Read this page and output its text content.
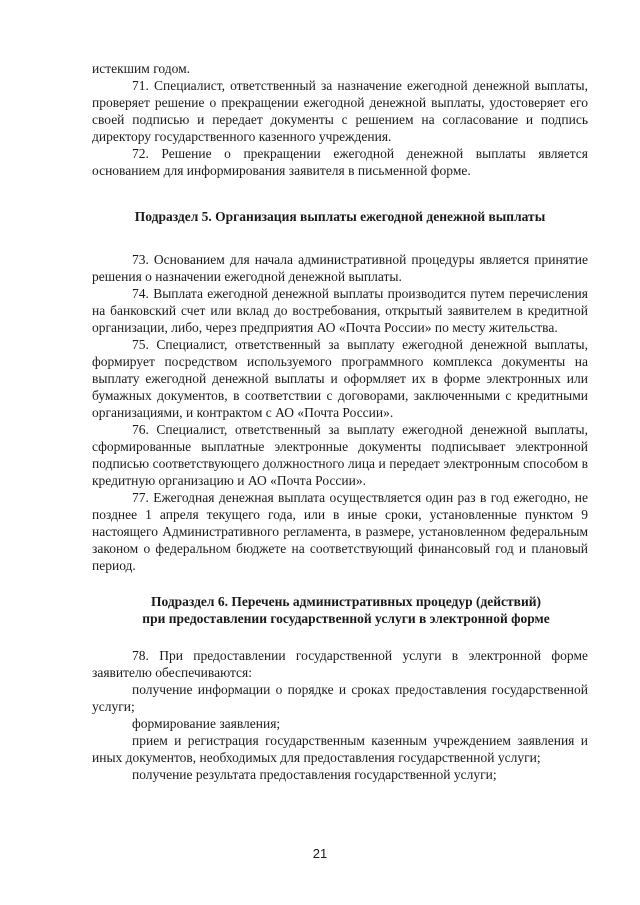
истекшим годом.

71. Специалист, ответственный за назначение ежегодной денежной выплаты, проверяет решение о прекращении ежегодной денежной выплаты, удостоверяет его своей подписью и передает документы с решением на согласование и подпись директору государственного казенного учреждения.

72. Решение о прекращении ежегодной денежной выплаты является основанием для информирования заявителя в письменной форме.

Подраздел 5. Организация выплаты ежегодной денежной выплаты

73. Основанием для начала административной процедуры является принятие решения о назначении ежегодной денежной выплаты.

74. Выплата ежегодной денежной выплаты производится путем перечисления на банковский счет или вклад до востребования, открытый заявителем в кредитной организации, либо, через предприятия АО «Почта России» по месту жительства.

75. Специалист, ответственный за выплату ежегодной денежной выплаты, формирует посредством используемого программного комплекса документы на выплату ежегодной денежной выплаты и оформляет их в форме электронных или бумажных документов, в соответствии с договорами, заключенными с кредитными организациями, и контрактом с АО «Почта России».

76. Специалист, ответственный за выплату ежегодной денежной выплаты, сформированные выплатные электронные документы подписывает электронной подписью соответствующего должностного лица и передает электронным способом в кредитную организацию и АО «Почта России».

77. Ежегодная денежная выплата осуществляется один раз в год ежегодно, не позднее 1 апреля текущего года, или в иные сроки, установленные пунктом 9 настоящего Административного регламента, в размере, установленном федеральным законом о федеральном бюджете на соответствующий финансовый год и плановый период.

Подраздел 6. Перечень административных процедур (действий)
при предоставлении государственной услуги в электронной форме

78. При предоставлении государственной услуги в электронной форме заявителю обеспечиваются:

получение информации о порядке и сроках предоставления государственной услуги;

формирование заявления;

прием и регистрация государственным казенным учреждением заявления и иных документов, необходимых для предоставления государственной услуги;

получение результата предоставления государственной услуги;

21
